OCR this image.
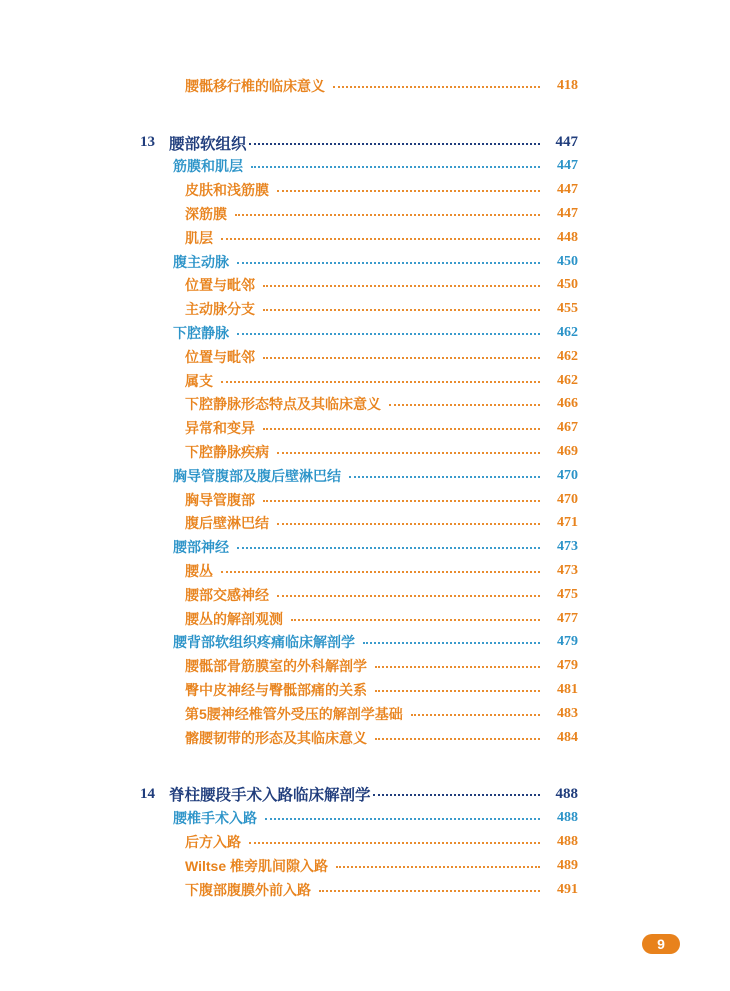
腰骶移行椎的临床意义	418
13 腰部软组织	447
筋膜和肌层	447
皮肤和浅筋膜	447
深筋膜	447
肌层	448
腹主动脉	450
位置与毗邻	450
主动脉分支	455
下腔静脉	462
位置与毗邻	462
属支	462
下腔静脉形态特点及其临床意义	466
异常和变异	467
下腔静脉疾病	469
胸导管腹部及腹后壁淋巴结	470
胸导管腹部	470
腹后壁淋巴结	471
腰部神经	473
腰丛	473
腰部交感神经	475
腰丛的解剖观测	477
腰背部软组织疼痛临床解剖学	479
腰骶部骨筋膜室的外科解剖学	479
臀中皮神经与臀骶部痛的关系	481
第5腰神经椎管外受压的解剖学基础	483
髂腰韧带的形态及其临床意义	484
14 脊柱腰段手术入路临床解剖学	488
腰椎手术入路	488
后方入路	488
Wiltse 椎旁肌间隙入路	489
下腹部腹膜外前入路	491
9
